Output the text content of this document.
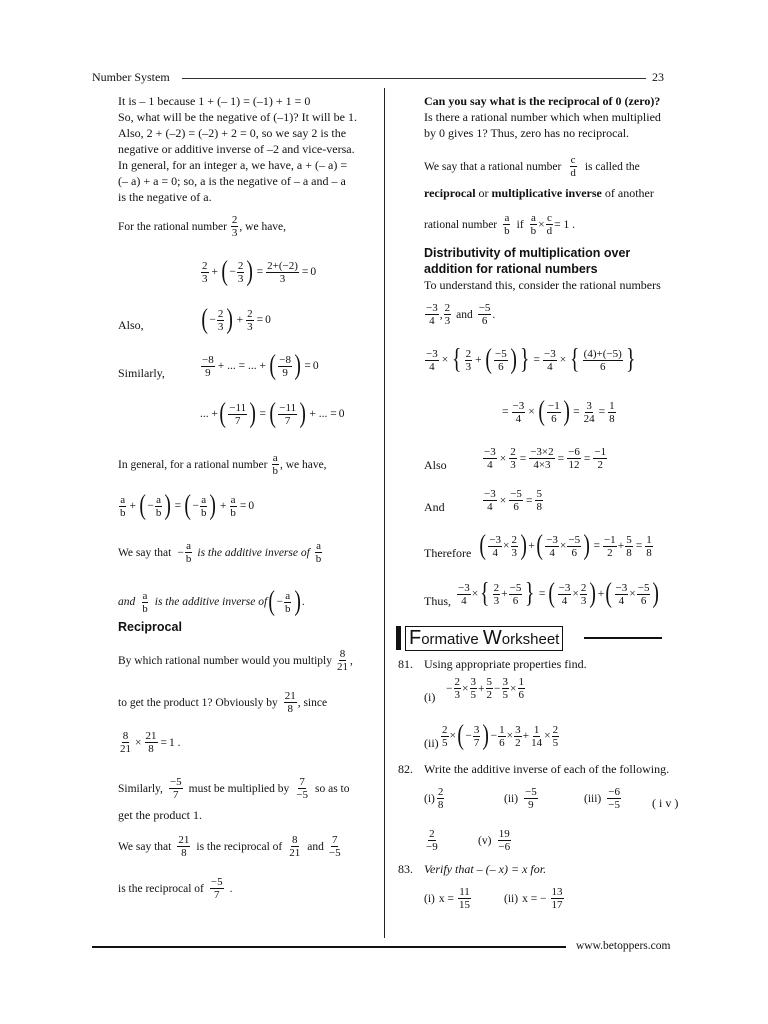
Number System	23
It is – 1 because 1 + (– 1) = (–1) + 1 = 0
So, what will be the negative of (–1)? It will be 1.
Also, 2 + (–2) = (–2) + 2 = 0, so we say 2 is the
negative or additive inverse of –2 and vice-versa.
In general, for an integer a, we have, a + (– a) =
(– a) + a = 0; so, a is the negative of – a and – a
is the negative of a.
For the rational number
2
3
, we have,
2
3
+ ( − $\frac{2}{3}$ ) = $\frac{2+(-2)}{3} = 0$
Also, ( − $\frac{2}{3}$ ) + $\frac{2}{3} = 0$
Similarly,
−8
9
+ ... = ... + ( −8
9 ) = 0
... + ( −11
7 ) = ( −11
7 ) + ... = 0
In general, for a rational number
a
b
, we have,
a
b
+ ( − $\frac{a}{b}$ ) = ( − $\frac{a}{b}$ ) + $\frac{a}{b} = 0$
We say that − $\frac{a}{b}$ is the additive inverse of
a
b
and
a
b
is the additive inverse of ( − $\frac{a}{b}$ ) .
Reciprocal
By which rational number would you multiply
8
21
,
to get the product 1? Obviously by
21
8
, since
$\frac{8}{21} \times \frac{21}{8} = 1$ .
Similarly,
−5
7
must be multiplied by
7
−5
so as to
get the product 1.
We say that
21
8
is the reciprocal of
8
21
and
7
−5
is the reciprocal of
−5
7
.
Can you say what is the reciprocal of 0 (zero)?
Is there a rational number which when multiplied
by 0 gives 1? Thus, zero has no reciprocal.
We say that a rational number
c
d
is called the
reciprocal or multiplicative inverse of another
rational number
a
b
if $\frac{a}{b} \times \frac{c}{d} = 1$ .
Distributivity of multiplication over
addition for rational numbers
To understand this, consider the rational numbers
−3
4
,
2
3
and
−5
6
.
$\frac{-3}{4}$ × { 2
3
+ ( −5
6 ) } = $\frac{-3}{4}$ × { (4)+(−5)
6 }
= $\frac{-3}{4}$ × ( −1
6 ) = $\frac{3}{24} = \frac{1}{8}$
Also	$\frac{-3}{4} \times \frac{2}{3} = \frac{-3\times 2}{4\times 3} = \frac{-6}{12} = \frac{-1}{2}$
And	$\frac{-3}{4} \times \frac{-5}{6} = \frac{5}{8}$
Therefore ( $\frac{-3}{4} \times \frac{2}{3}$ ) + ( $\frac{-3}{4} \times \frac{-5}{6}$ ) = $\frac{-1}{2} + \frac{5}{8} = \frac{1}{8}$
Thus, $\frac{-3}{4}$ × { 2
3
+ $\frac{-5}{6}$ } = ( $\frac{-3}{4} \times \frac{2}{3}$ ) + ( $\frac{-3}{4} \times \frac{-5}{6}$ )
Formative Worksheet
81. Using appropriate properties find.
(i)
− $\frac{2}{3} \times \frac{3}{5} + \frac{5}{2} - \frac{3}{5} \times \frac{1}{6}$
$(ii) \frac{2}{5}$ × ( − $\frac{3}{7}$ ) − $\frac{1}{6} \times \frac{3}{2} + \frac{1}{14} \times \frac{2}{5}$
82. Write the additive inverse of each of the following.
(i)
2
8
(ii)
−5
9
(iii)
−6
−5	( i v )
2
−9
(v)
19
−6
83. Verify that – (– x) = x for.
(i) $x = \frac{11}{15}$	(ii) x = − $\frac{13}{17}$
www.betoppers.com
